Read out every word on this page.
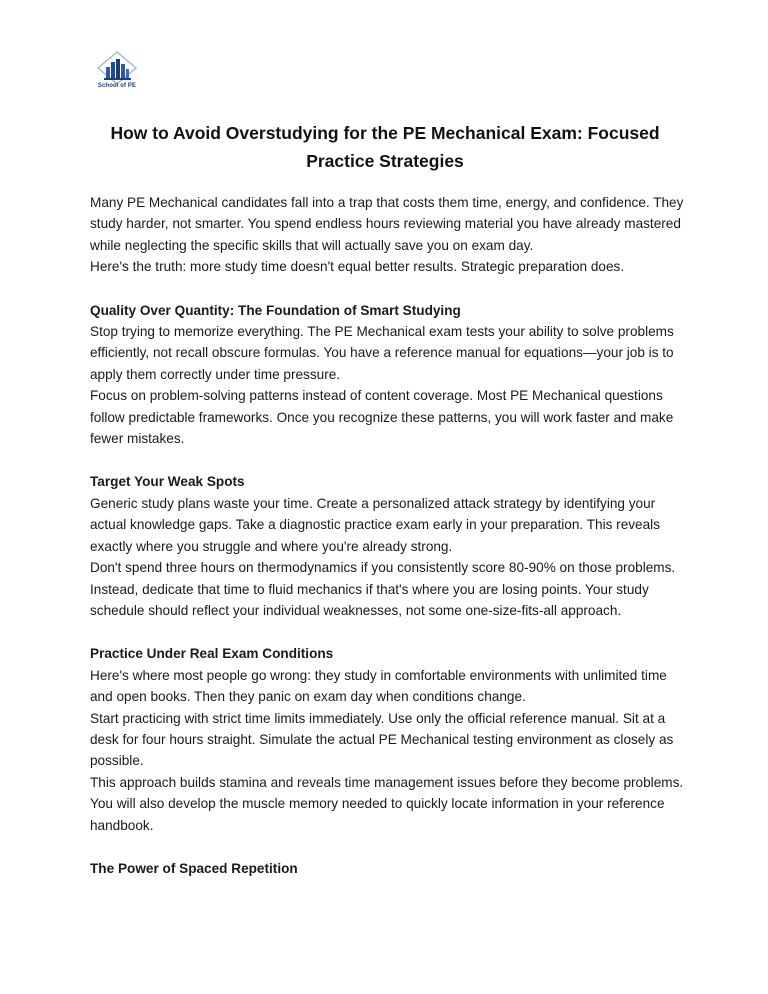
School of PE
How to Avoid Overstudying for the PE Mechanical Exam: Focused Practice Strategies

Many PE Mechanical candidates fall into a trap that costs them time, energy, and confidence. They study harder, not smarter. You spend endless hours reviewing material you have already mastered while neglecting the specific skills that will actually save you on exam day.

Here's the truth: more study time doesn't equal better results. Strategic preparation does.

Quality Over Quantity: The Foundation of Smart Studying

Stop trying to memorize everything. The PE Mechanical exam tests your ability to solve problems efficiently, not recall obscure formulas. You have a reference manual for equations—your job is to apply them correctly under time pressure.

Focus on problem-solving patterns instead of content coverage. Most PE Mechanical questions follow predictable frameworks. Once you recognize these patterns, you will work faster and make fewer mistakes.

Target Your Weak Spots

Generic study plans waste your time. Create a personalized attack strategy by identifying your actual knowledge gaps. Take a diagnostic practice exam early in your preparation. This reveals exactly where you struggle and where you're already strong.

Don't spend three hours on thermodynamics if you consistently score 80-90% on those problems. Instead, dedicate that time to fluid mechanics if that's where you are losing points. Your study schedule should reflect your individual weaknesses, not some one-size-fits-all approach.

Practice Under Real Exam Conditions

Here's where most people go wrong: they study in comfortable environments with unlimited time and open books. Then they panic on exam day when conditions change.

Start practicing with strict time limits immediately. Use only the official reference manual. Sit at a desk for four hours straight. Simulate the actual PE Mechanical testing environment as closely as possible.

This approach builds stamina and reveals time management issues before they become problems. You will also develop the muscle memory needed to quickly locate information in your reference handbook.

The Power of Spaced Repetition
